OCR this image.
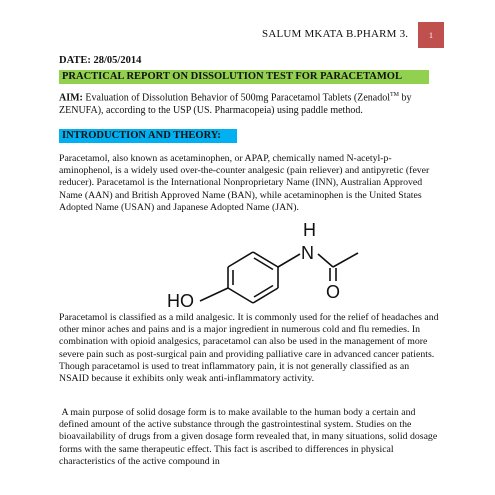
SALUM MKATA B.PHARM 3.	1
DATE: 28/05/2014
PRACTICAL REPORT ON DISSOLUTION TEST FOR PARACETAMOL
AIM: Evaluation of Dissolution Behavior of 500mg Paracetamol Tablets (Zenadol™ by ZENUFA), according to the USP (US. Pharmacopeia) using paddle method.
INTRODUCTION AND THEORY:
Paracetamol, also known as acetaminophen, or APAP, chemically named N-acetyl-p-aminophenol, is a widely used over-the-counter analgesic (pain reliever) and antipyretic (fever reducer). Paracetamol is the International Nonproprietary Name (INN), Australian Approved Name (AAN) and British Approved Name (BAN), while acetaminophen is the United States Adopted Name (USAN) and Japanese Adopted Name (JAN).
H
N
O
HO
Paracetamol is classified as a mild analgesic. It is commonly used for the relief of headaches and other minor aches and pains and is a major ingredient in numerous cold and flu remedies. In combination with opioid analgesics, paracetamol can also be used in the management of more severe pain such as post-surgical pain and providing palliative care in advanced cancer patients. Though paracetamol is used to treat inflammatory pain, it is not generally classified as an NSAID because it exhibits only weak anti-inflammatory activity.
A main purpose of solid dosage form is to make available to the human body a certain and defined amount of the active substance through the gastrointestinal system. Studies on the bioavailability of drugs from a given dosage form revealed that, in many situations, solid dosage forms with the same therapeutic effect. This fact is ascribed to differences in physical characteristics of the active compound in
